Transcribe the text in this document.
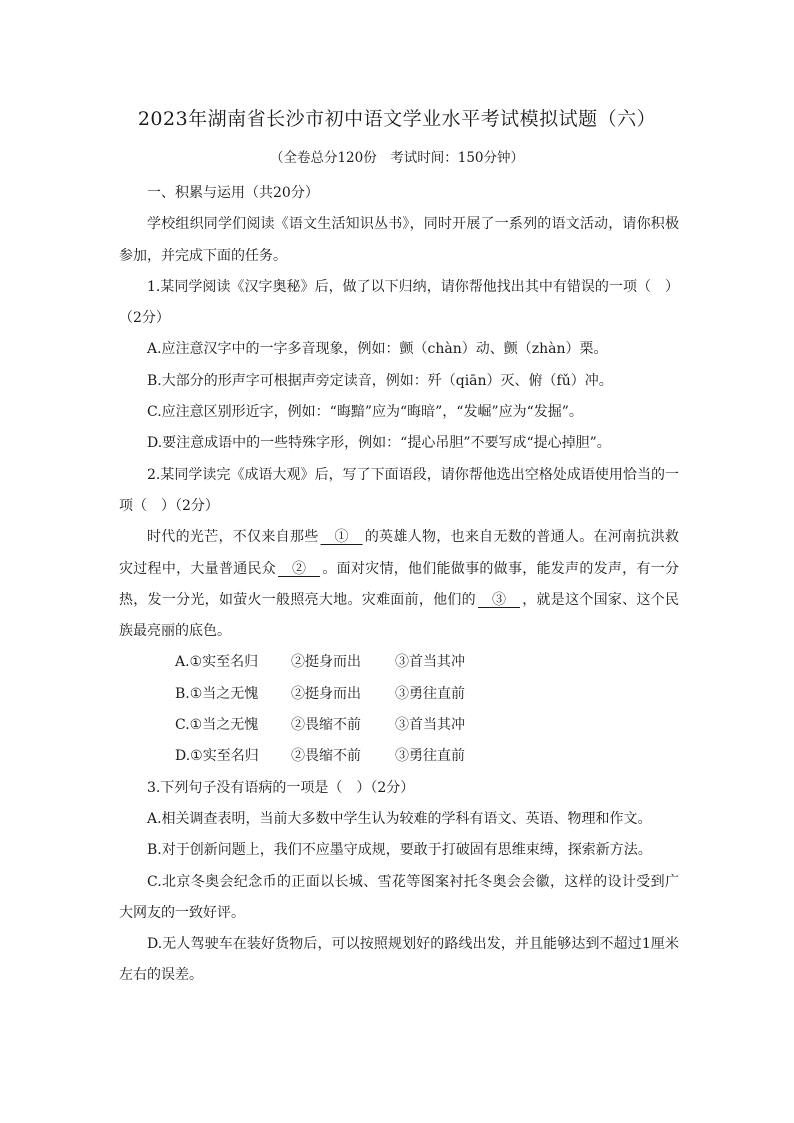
2023年湖南省长沙市初中语文学业水平考试模拟试题（六）
（全卷总分120份　考试时间：150分钟）

一、积累与运用（共20分）

学校组织同学们阅读《语文生活知识丛书》，同时开展了一系列的语文活动，请你积极参加，并完成下面的任务。

1.某同学阅读《汉字奥秘》后，做了以下归纳，请你帮他找出其中有错误的一项（　）（2分）

A.应注意汉字中的一字多音现象，例如：颤（chàn）动、颤（zhàn）栗。

B.大部分的形声字可根据声旁定读音，例如：歼（qiān）灭、俯（fǔ）冲。

C.应注意区别形近字，例如：“晦黯”应为“晦暗”，“发崛”应为“发掘”。

D.要注意成语中的一些特殊字形，例如：“提心吊胆”不要写成“提心掉胆”。

2.某同学读完《成语大观》后，写了下面语段，请你帮他选出空格处成语使用恰当的一项（　）（2分）

时代的光芒，不仅来自那些　①　的英雄人物，也来自无数的普通人。在河南抗洪救灾过程中，大量普通民众　②　。面对灾情，他们能做事的做事，能发声的发声，有一分热，发一分光，如萤火一般照亮大地。灾难面前，他们的　③　，就是这个国家、这个民族最亮丽的底色。

A.①实至名归 ②挺身而出 ③首当其冲

B.①当之无愧 ②挺身而出 ③勇往直前

C.①当之无愧 ②畏缩不前 ③首当其冲

D.①实至名归 ②畏缩不前 ③勇往直前

3.下列句子没有语病的一项是（　）（2分）

A.相关调查表明，当前大多数中学生认为较难的学科有语文、英语、物理和作文。

B.对于创新问题上，我们不应墨守成规，要敢于打破固有思维束缚，探索新方法。

C.北京冬奥会纪念币的正面以长城、雪花等图案衬托冬奥会会徽，这样的设计受到广大网友的一致好评。

D.无人驾驶车在装好货物后，可以按照规划好的路线出发，并且能够达到不超过1厘米左右的误差。
